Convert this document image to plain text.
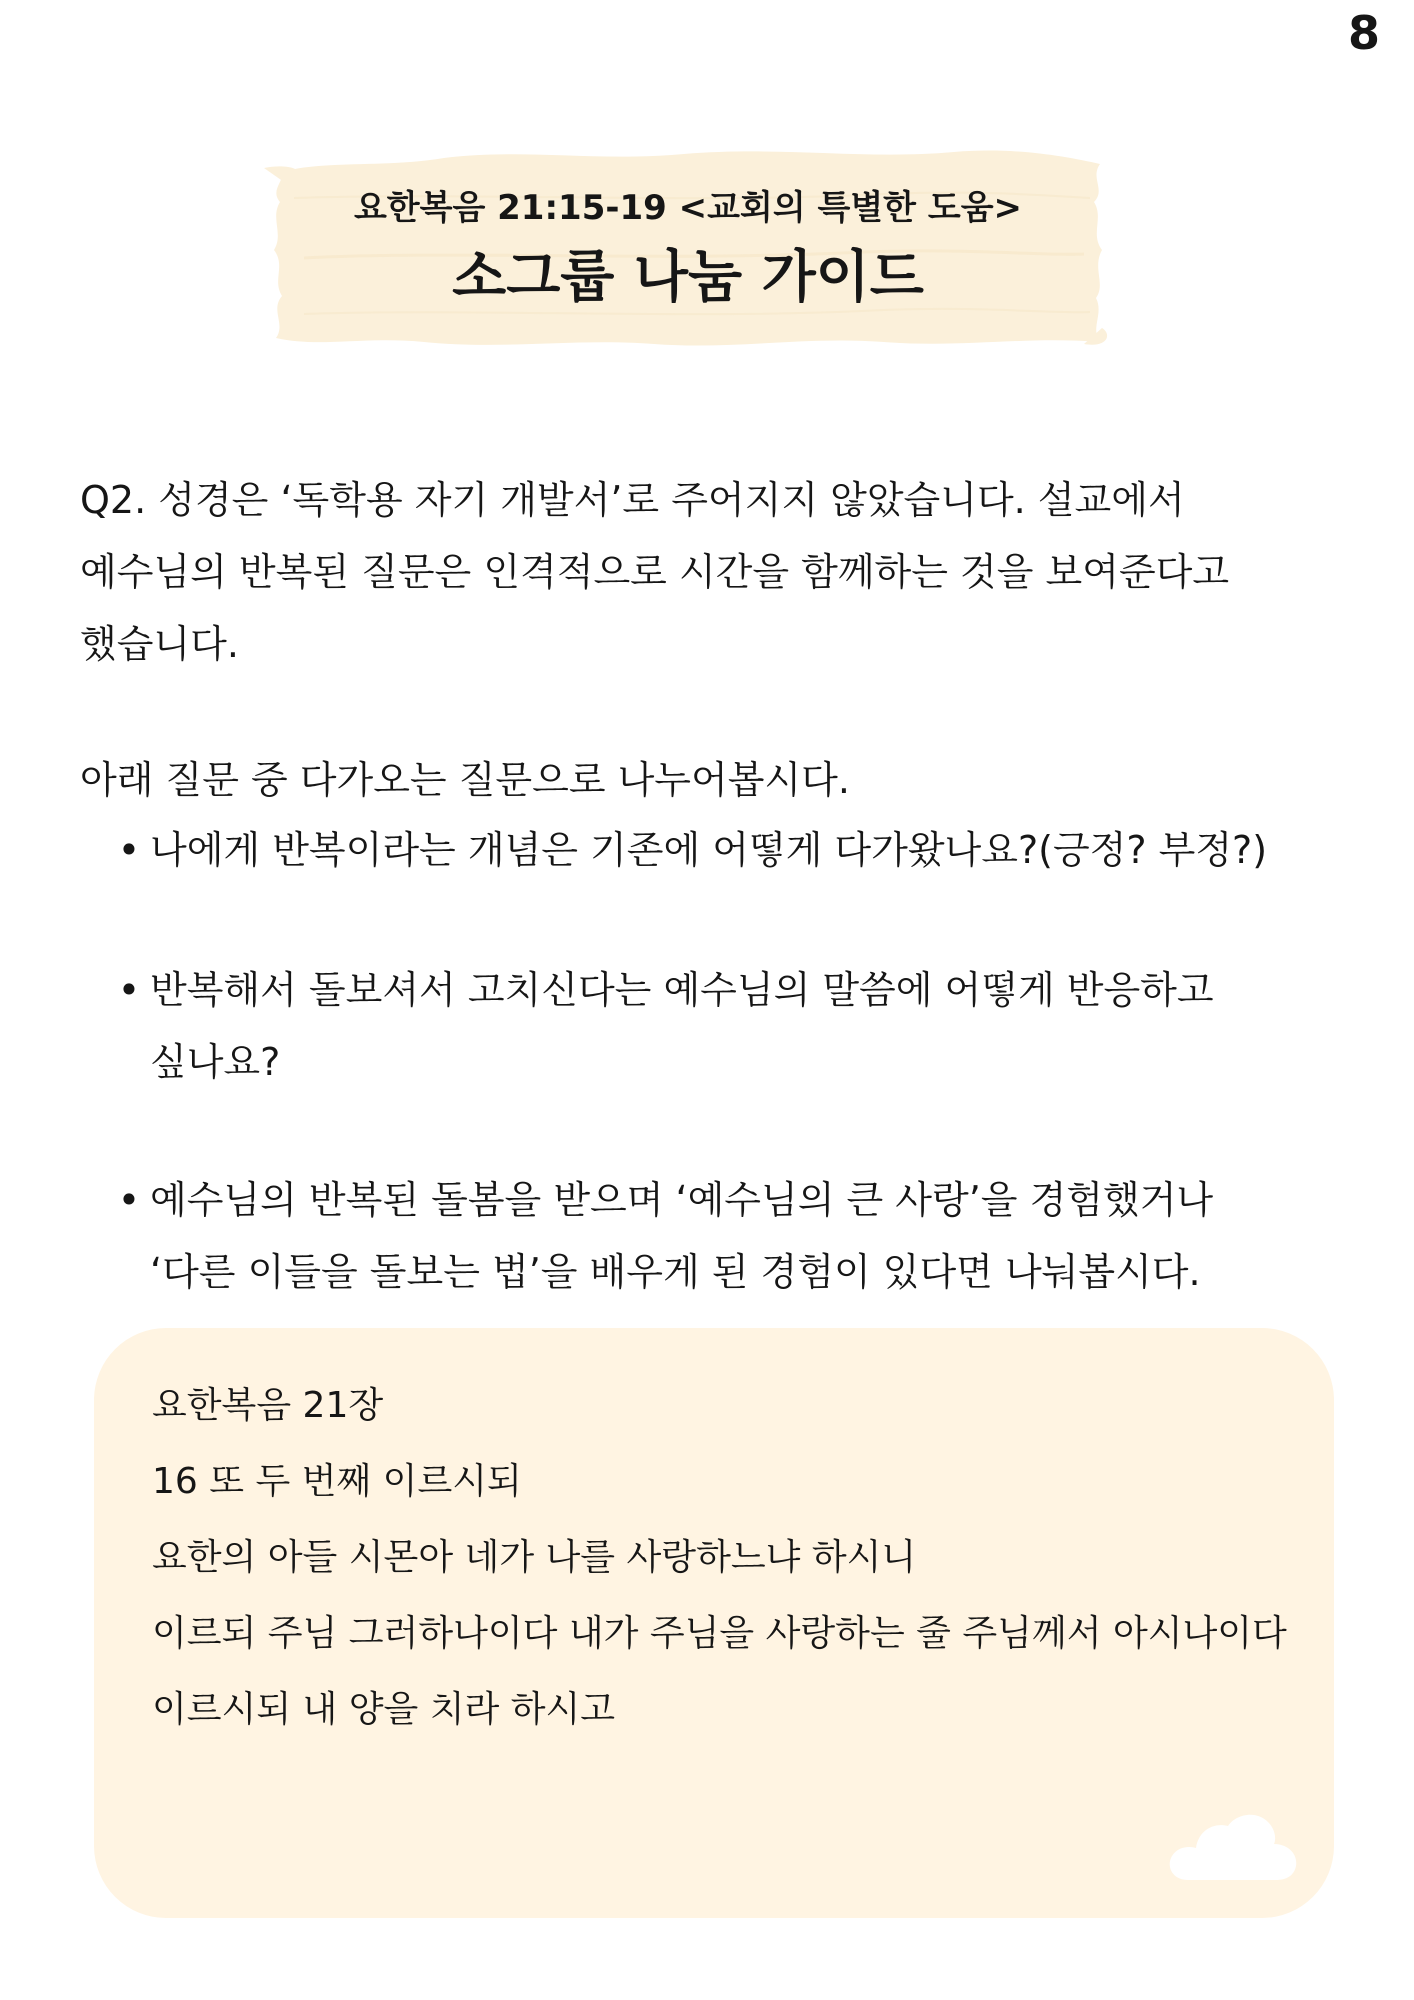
8
요한복음 21:15-19 <교회의 특별한 도움>
소그룹 나눔 가이드

Q2. 성경은 ‘독학용 자기 개발서’로 주어지지 않았습니다. 설교에서

예수님의 반복된 질문은 인격적으로 시간을 함께하는 것을 보여준다고

했습니다.

아래 질문 중 다가오는 질문으로 나누어봅시다.
• 나에게 반복이라는 개념은 기존에 어떻게 다가왔나요?(긍정? 부정?)

• 반복해서 돌보셔서 고치신다는 예수님의 말씀에 어떻게 반응하고

싶나요?

• 예수님의 반복된 돌봄을 받으며 ‘예수님의 큰 사랑’을 경험했거나

‘다른 이들을 돌보는 법’을 배우게 된 경험이 있다면 나눠봅시다.

요한복음 21장

16 또 두 번째 이르시되

요한의 아들 시몬아 네가 나를 사랑하느냐 하시니

이르되 주님 그러하나이다 내가 주님을 사랑하는 줄 주님께서 아시나이다

이르시되 내 양을 치라 하시고
